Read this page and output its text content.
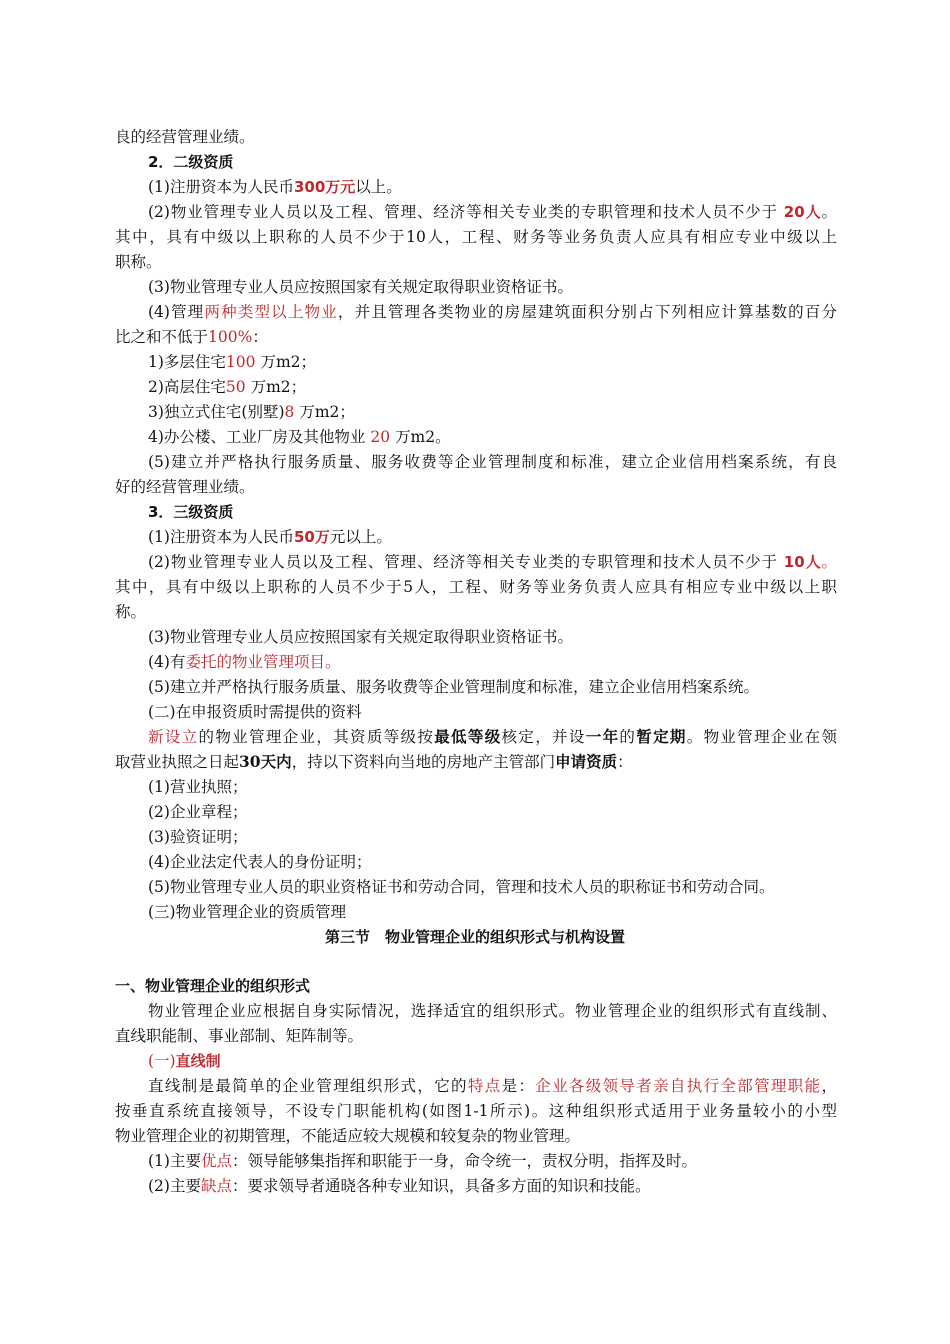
良的经营管理业绩。
2．二级资质
(1)注册资本为人民币300万元以上。
(2)物业管理专业人员以及工程、管理、经济等相关专业类的专职管理和技术人员不少于 20人。
其中，具有中级以上职称的人员不少于10人，工程、财务等业务负责人应具有相应专业中级以上
职称。
(3)物业管理专业人员应按照国家有关规定取得职业资格证书。
(4)管理两种类型以上物业，并且管理各类物业的房屋建筑面积分别占下列相应计算基数的百分
比之和不低于100%：
1)多层住宅100 万m2；
2)高层住宅50 万m2；
3)独立式住宅(别墅)8 万m2；
4)办公楼、工业厂房及其他物业 20 万m2。
(5)建立并严格执行服务质量、服务收费等企业管理制度和标准，建立企业信用档案系统，有良
好的经营管理业绩。
3．三级资质
(1)注册资本为人民币50万元以上。
(2)物业管理专业人员以及工程、管理、经济等相关专业类的专职管理和技术人员不少于 10人。
其中，具有中级以上职称的人员不少于5人，工程、财务等业务负责人应具有相应专业中级以上职
称。
(3)物业管理专业人员应按照国家有关规定取得职业资格证书。
(4)有委托的物业管理项目。
(5)建立并严格执行服务质量、服务收费等企业管理制度和标准，建立企业信用档案系统。
(二)在申报资质时需提供的资料
新设立的物业管理企业，其资质等级按最低等级核定，并设一年的暂定期。物业管理企业在领
取营业执照之日起30天内，持以下资料向当地的房地产主管部门申请资质：
(1)营业执照；
(2)企业章程；
(3)验资证明；
(4)企业法定代表人的身份证明；
(5)物业管理专业人员的职业资格证书和劳动合同，管理和技术人员的职称证书和劳动合同。
(三)物业管理企业的资质管理
第三节　物业管理企业的组织形式与机构设置
一、物业管理企业的组织形式
物业管理企业应根据自身实际情况，选择适宜的组织形式。物业管理企业的组织形式有直线制、
直线职能制、事业部制、矩阵制等。
(一)直线制
直线制是最简单的企业管理组织形式，它的特点是：企业各级领导者亲自执行全部管理职能，
按垂直系统直接领导，不设专门职能机构(如图1-1所示)。这种组织形式适用于业务量较小的小型
物业管理企业的初期管理，不能适应较大规模和较复杂的物业管理。
(1)主要优点：领导能够集指挥和职能于一身，命令统一，责权分明，指挥及时。
(2)主要缺点：要求领导者通晓各种专业知识，具备多方面的知识和技能。
